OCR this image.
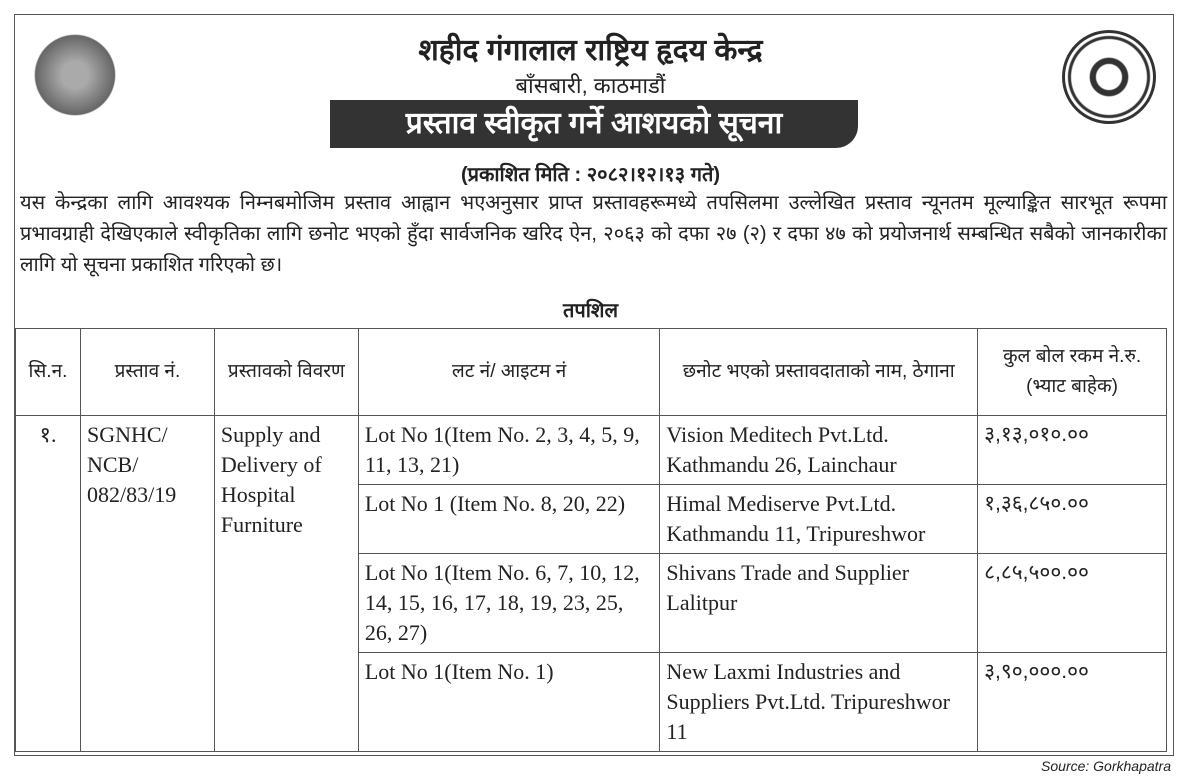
शहीद गंगालाल राष्ट्रिय हृदय केन्द्र
बाँसबारी, काठमाडौं
प्रस्ताव स्वीकृत गर्ने आशयको सूचना
(प्रकाशित मिति : २०८२।१२।१३ गते)
यस केन्द्रका लागि आवश्यक निम्नबमोजिम प्रस्ताव आह्वान भएअनुसार प्राप्त प्रस्तावहरूमध्ये तपसिलमा उल्लेखित प्रस्ताव न्यूनतम मूल्याङ्कित सारभूत रूपमा प्रभावग्राही देखिएकाले स्वीकृतिका लागि छनोट भएको हुँदा सार्वजनिक खरिद ऐन, २०६३ को दफा २७ (२) र दफा ४७ को प्रयोजनार्थ सम्बन्धित सबैको जानकारीका लागि यो सूचना प्रकाशित गरिएको छ।
तपशिल
सि.न.	प्रस्ताव नं.	प्रस्तावको विवरण	लट नं/ आइटम नं	छनोट भएको प्रस्तावदाताको नाम, ठेगाना	कुल बोल रकम ने.रु. (भ्याट बाहेक)
१.	SGNHC/ NCB/ 082/83/19	Supply and Delivery of Hospital Furniture	Lot No 1(Item No. 2, 3, 4, 5, 9, 11, 13, 21)	Vision Meditech Pvt.Ltd. Kathmandu 26, Lainchaur	३,१३,०१०.००
			Lot No 1 (Item No. 8, 20, 22)	Himal Mediserve Pvt.Ltd. Kathmandu 11, Tripureshwor	१,३६,८५०.००
			Lot No 1(Item No. 6, 7, 10, 12, 14, 15, 16, 17, 18, 19, 23, 25, 26, 27)	Shivans Trade and Supplier Lalitpur	८,८५,५००.००
			Lot No 1(Item No. 1)	New Laxmi Industries and Suppliers Pvt.Ltd. Tripureshwor 11	३,९०,०००.००
Source: Gorkhapatra
